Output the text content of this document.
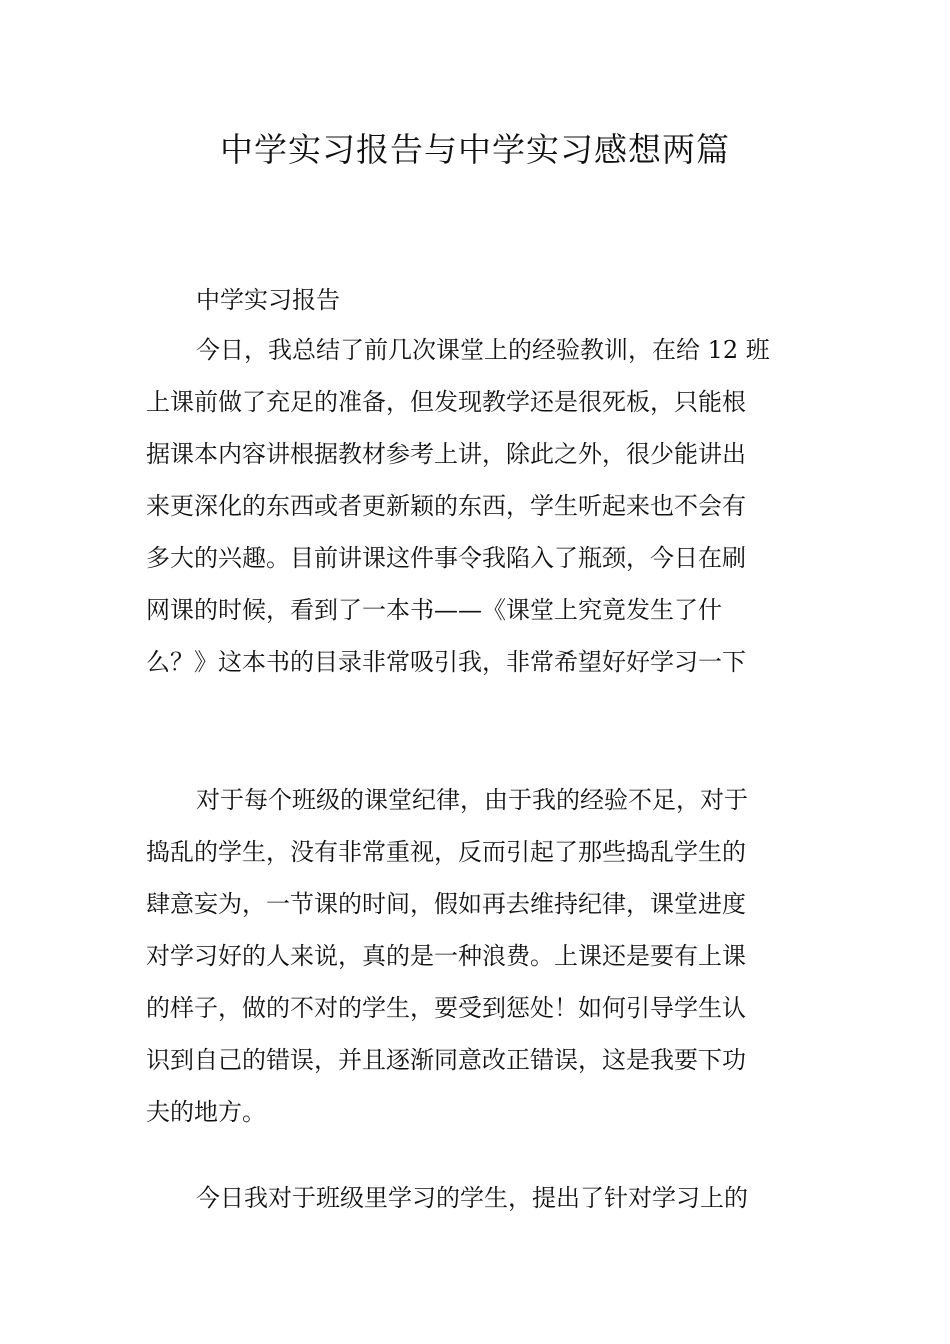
中学实习报告与中学实习感想两篇

中学实习报告

今日，我总结了前几次课堂上的经验教训，在给 12 班
上课前做了充足的准备，但发现教学还是很死板，只能根
据课本内容讲根据教材参考上讲，除此之外，很少能讲出
来更深化的东西或者更新颖的东西，学生听起来也不会有
多大的兴趣。目前讲课这件事令我陷入了瓶颈，今日在刷
网课的时候，看到了一本书——《课堂上究竟发生了什
么？》这本书的目录非常吸引我，非常希望好好学习一下
对于每个班级的课堂纪律，由于我的经验不足，对于
捣乱的学生，没有非常重视，反而引起了那些捣乱学生的
肆意妄为，一节课的时间，假如再去维持纪律，课堂进度
对学习好的人来说，真的是一种浪费。上课还是要有上课
的样子，做的不对的学生，要受到惩处！如何引导学生认
识到自己的错误，并且逐渐同意改正错误，这是我要下功
夫的地方。
今日我对于班级里学习的学生，提出了针对学习上的
